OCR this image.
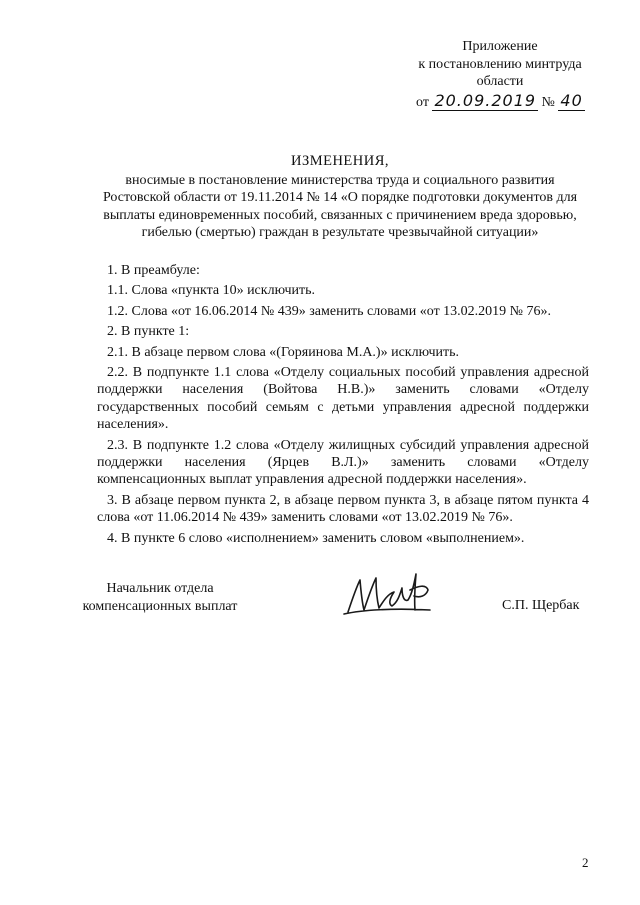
Приложение
к постановлению минтруда
области
от 20.09.2019 № 40
ИЗМЕНЕНИЯ,
вносимые в постановление министерства труда и социального развития
Ростовской области от 19.11.2014 № 14 «О порядке подготовки документов для
выплаты единовременных пособий, связанных с причинением вреда здоровью,
гибелью (смертью) граждан в результате чрезвычайной ситуации»

1. В преамбуле:

1.1. Слова «пункта 10» исключить.

1.2. Слова «от 16.06.2014 № 439» заменить словами «от 13.02.2019 № 76».

2. В пункте 1:

2.1. В абзаце первом слова «(Горяинова М.А.)» исключить.

2.2. В подпункте 1.1 слова «Отделу социальных пособий управления адресной поддержки населения (Войтова Н.В.)» заменить словами «Отделу государственных пособий семьям с детьми управления адресной поддержки населения».

2.3. В подпункте 1.2 слова «Отделу жилищных субсидий управления адресной поддержки населения (Ярцев В.Л.)» заменить словами «Отделу компенсационных выплат управления адресной поддержки населения».

3. В абзаце первом пункта 2, в абзаце первом пункта 3, в абзаце пятом пункта 4 слова «от 11.06.2014 № 439» заменить словами «от 13.02.2019 № 76».

4. В пункте 6 слово «исполнением» заменить словом «выполнением».

Начальник отдела
компенсационных выплат	С.П. Щербак
2
